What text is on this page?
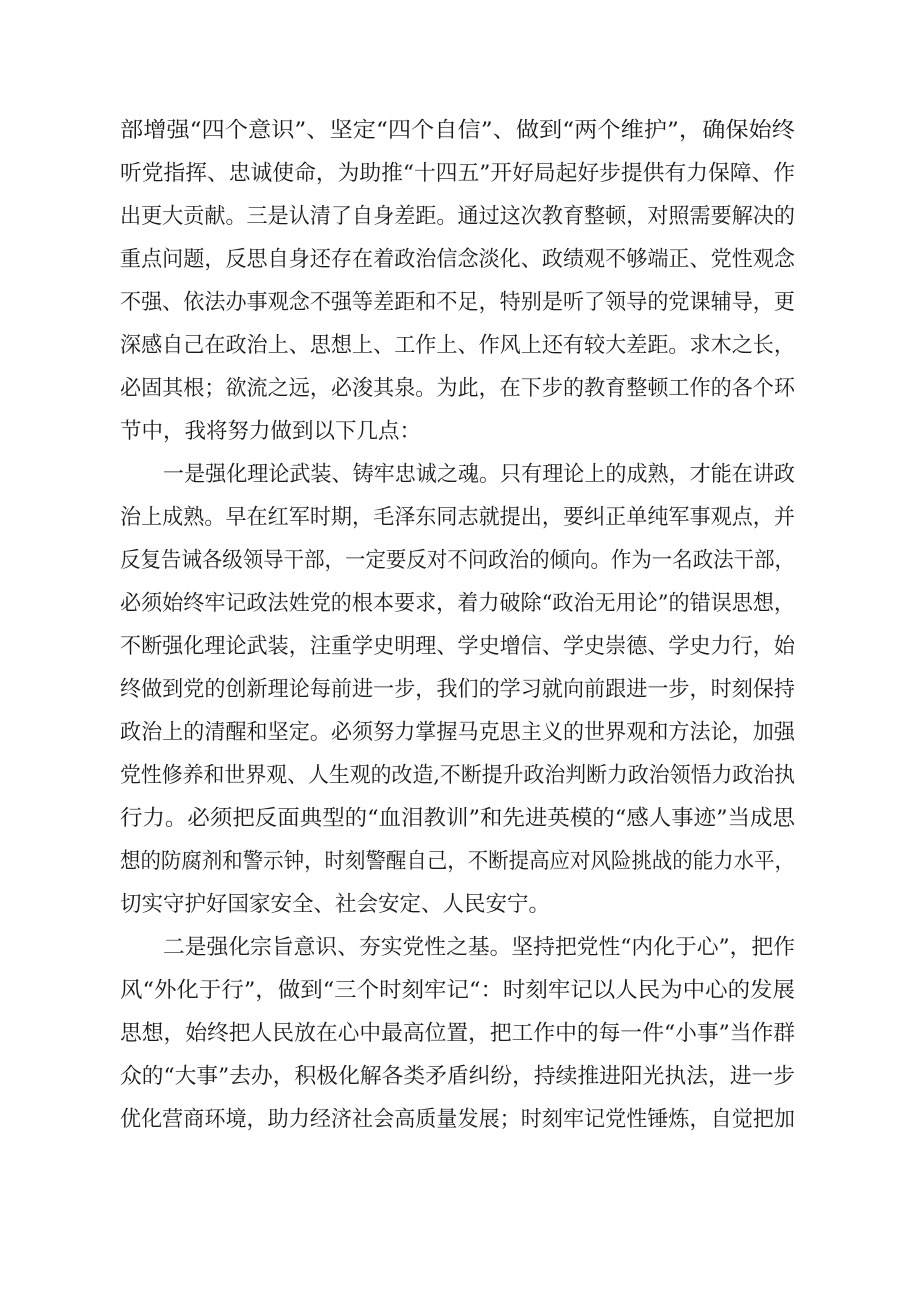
部增强“四个意识”、坚定“四个自信”、做到“两个维护”，确保始终
听党指挥、忠诚使命，为助推“十四五”开好局起好步提供有力保障、作
出更大贡献。三是认清了自身差距。通过这次教育整顿，对照需要解决的
重点问题，反思自身还存在着政治信念淡化、政绩观不够端正、党性观念
不强、依法办事观念不强等差距和不足，特别是听了领导的党课辅导，更
深感自己在政治上、思想上、工作上、作风上还有较大差距。求木之长，
必固其根；欲流之远，必浚其泉。为此，在下步的教育整顿工作的各个环
节中，我将努力做到以下几点：
一是强化理论武装、铸牢忠诚之魂。只有理论上的成熟，才能在讲政
治上成熟。早在红军时期，毛泽东同志就提出，要纠正单纯军事观点，并
反复告诫各级领导干部，一定要反对不问政治的倾向。作为一名政法干部，
必须始终牢记政法姓党的根本要求，着力破除“政治无用论”的错误思想，
不断强化理论武装，注重学史明理、学史增信、学史崇德、学史力行，始
终做到党的创新理论每前进一步，我们的学习就向前跟进一步，时刻保持
政治上的清醒和坚定。必须努力掌握马克思主义的世界观和方法论，加强
党性修养和世界观、人生观的改造,不断提升政治判断力政治领悟力政治执
行力。必须把反面典型的“血泪教训”和先进英模的“感人事迹”当成思
想的防腐剂和警示钟，时刻警醒自己，不断提高应对风险挑战的能力水平，
切实守护好国家安全、社会安定、人民安宁。
二是强化宗旨意识、夯实党性之基。坚持把党性“内化于心”，把作
风“外化于行”，做到“三个时刻牢记“：时刻牢记以人民为中心的发展
思想，始终把人民放在心中最高位置，把工作中的每一件“小事”当作群
众的“大事”去办，积极化解各类矛盾纠纷，持续推进阳光执法，进一步
优化营商环境，助力经济社会高质量发展；时刻牢记党性锤炼，自觉把加
